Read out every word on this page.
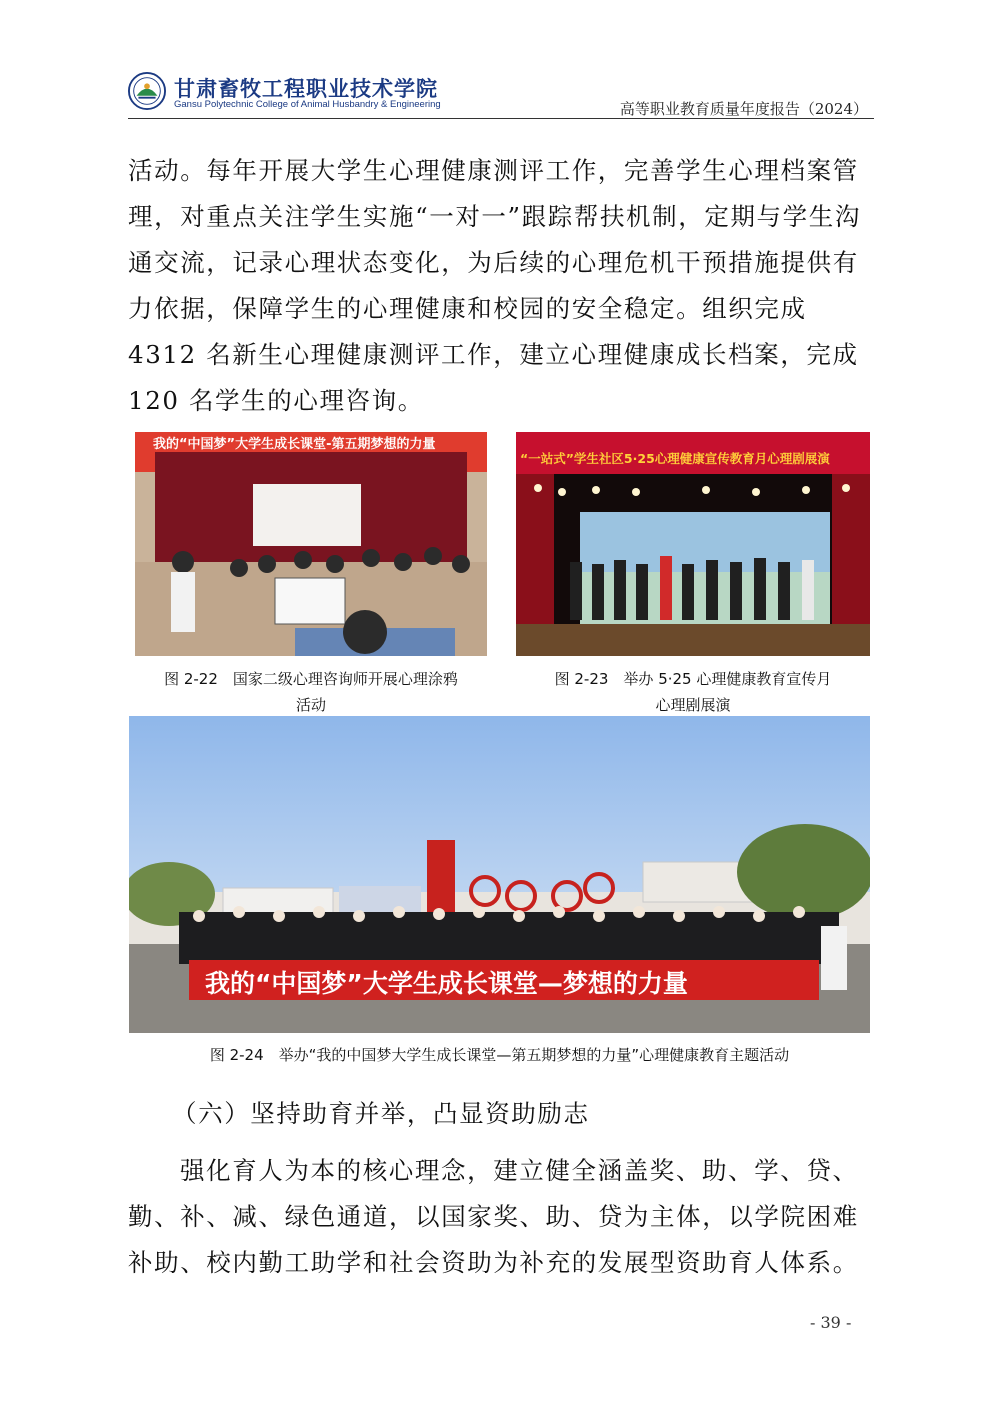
甘肃畜牧工程职业技术学院
Gansu Polytechnic College of Animal Husbandry & Engineering	高等职业教育质量年度报告（2024）

活动。每年开展大学生心理健康测评工作，完善学生心理档案管理，对重点关注学生实施“一对一”跟踪帮扶机制，定期与学生沟通交流，记录心理状态变化，为后续的心理危机干预措施提供有力依据，保障学生的心理健康和校园的安全稳定。组织完成 4312 名新生心理健康测评工作，建立心理健康成长档案，完成 120 名学生的心理咨询。

我的“中国梦”大学生成长课堂-第五期梦想的力量
图 2-22　国家二级心理咨询师开展心理涂鸦
活动
“一站式”学生社区5·25心理健康宣传教育月心理剧展演
图 2-23　举办 5·25 心理健康教育宣传月
心理剧展演
我的“中国梦”大学生成长课堂—梦想的力量
图 2-24　举办“我的中国梦大学生成长课堂—第五期梦想的力量”心理健康教育主题活动
（六）坚持助育并举，凸显资助励志

强化育人为本的核心理念，建立健全涵盖奖、助、学、贷、勤、补、减、绿色通道，以国家奖、助、贷为主体，以学院困难补助、校内勤工助学和社会资助为补充的发展型资助育人体系。

- 39 -
